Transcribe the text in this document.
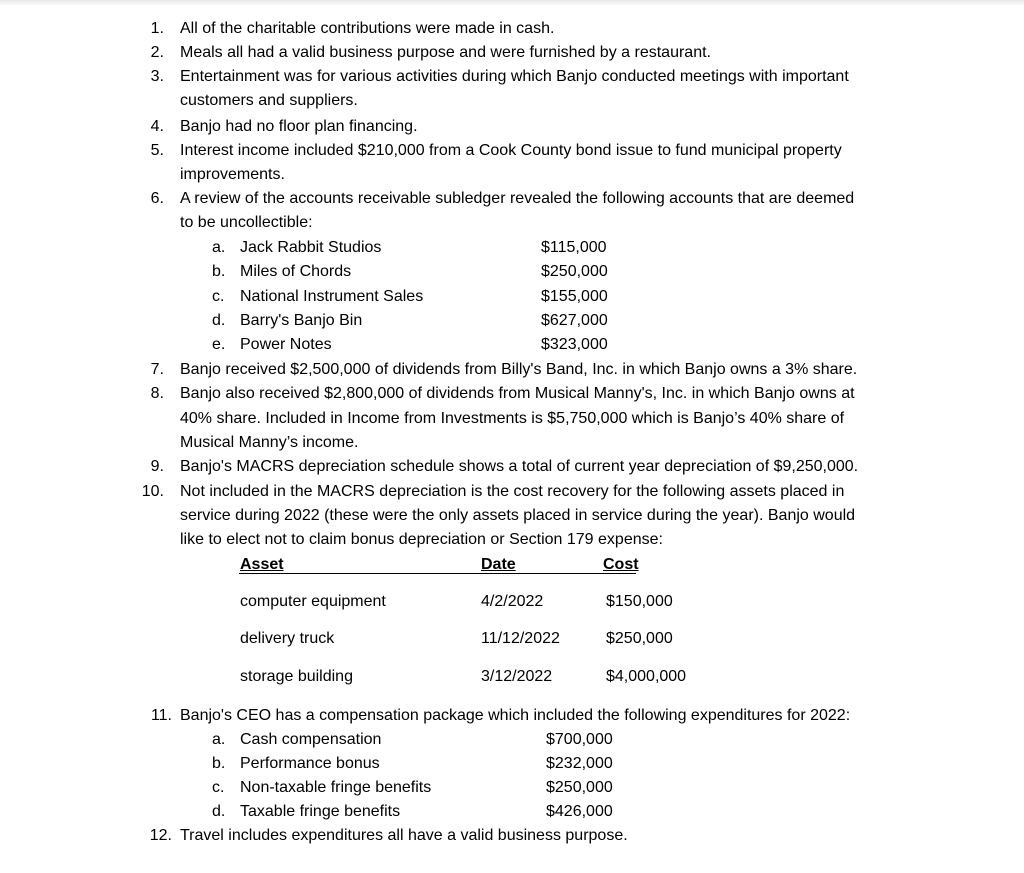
1. All of the charitable contributions were made in cash.
2. Meals all had a valid business purpose and were furnished by a restaurant.
3. Entertainment was for various activities during which Banjo conducted meetings with important
customers and suppliers.
4. Banjo had no floor plan financing.
5. Interest income included $210,000 from a Cook County bond issue to fund municipal property
improvements.
6. A review of the accounts receivable subledger revealed the following accounts that are deemed
to be uncollectible:
a. Jack Rabbit Studios	$115,000
b. Miles of Chords	$250,000
c. National Instrument Sales	$155,000
d. Barry's Banjo Bin	$627,000
e. Power Notes	$323,000
7. Banjo received $2,500,000 of dividends from Billy's Band, Inc. in which Banjo owns a 3% share.
8. Banjo also received $2,800,000 of dividends from Musical Manny's, Inc. in which Banjo owns at
40% share. Included in Income from Investments is $5,750,000 which is Banjo’s 40% share of
Musical Manny’s income.
9. Banjo's MACRS depreciation schedule shows a total of current year depreciation of $9,250,000.
10. Not included in the MACRS depreciation is the cost recovery for the following assets placed in
service during 2022 (these were the only assets placed in service during the year). Banjo would
like to elect not to claim bonus depreciation or Section 179 expense:
Asset	Date	Cost
computer equipment	4/2/2022	$150,000
delivery truck	11/12/2022	$250,000
storage building	3/12/2022	$4,000,000
11. Banjo's CEO has a compensation package which included the following expenditures for 2022:
a. Cash compensation	$700,000
b. Performance bonus	$232,000
c. Non-taxable fringe benefits	$250,000
d. Taxable fringe benefits	$426,000
12. Travel includes expenditures all have a valid business purpose.
